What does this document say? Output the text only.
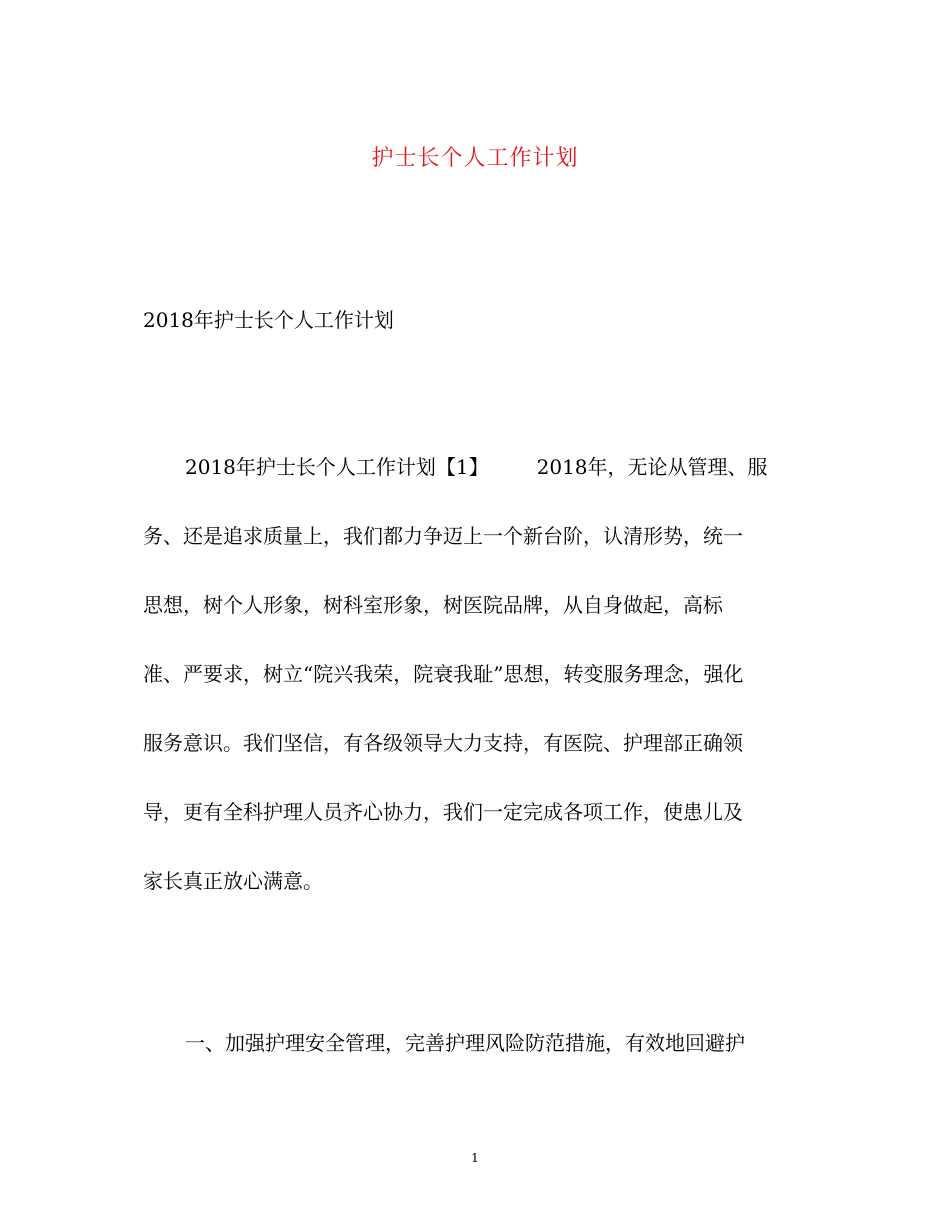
护士长个人工作计划
2018年护士长个人工作计划
2018年护士长个人工作计划【1】 2018年，无论从管理、服
务、还是追求质量上，我们都力争迈上一个新台阶，认清形势，统一
思想，树个人形象，树科室形象，树医院品牌，从自身做起，高标
准、严要求，树立“院兴我荣，院衰我耻”思想，转变服务理念，强化
服务意识。我们坚信，有各级领导大力支持，有医院、护理部正确领
导，更有全科护理人员齐心协力，我们一定完成各项工作，使患儿及
家长真正放心满意。
一、加强护理安全管理，完善护理风险防范措施，有效地回避护
1
